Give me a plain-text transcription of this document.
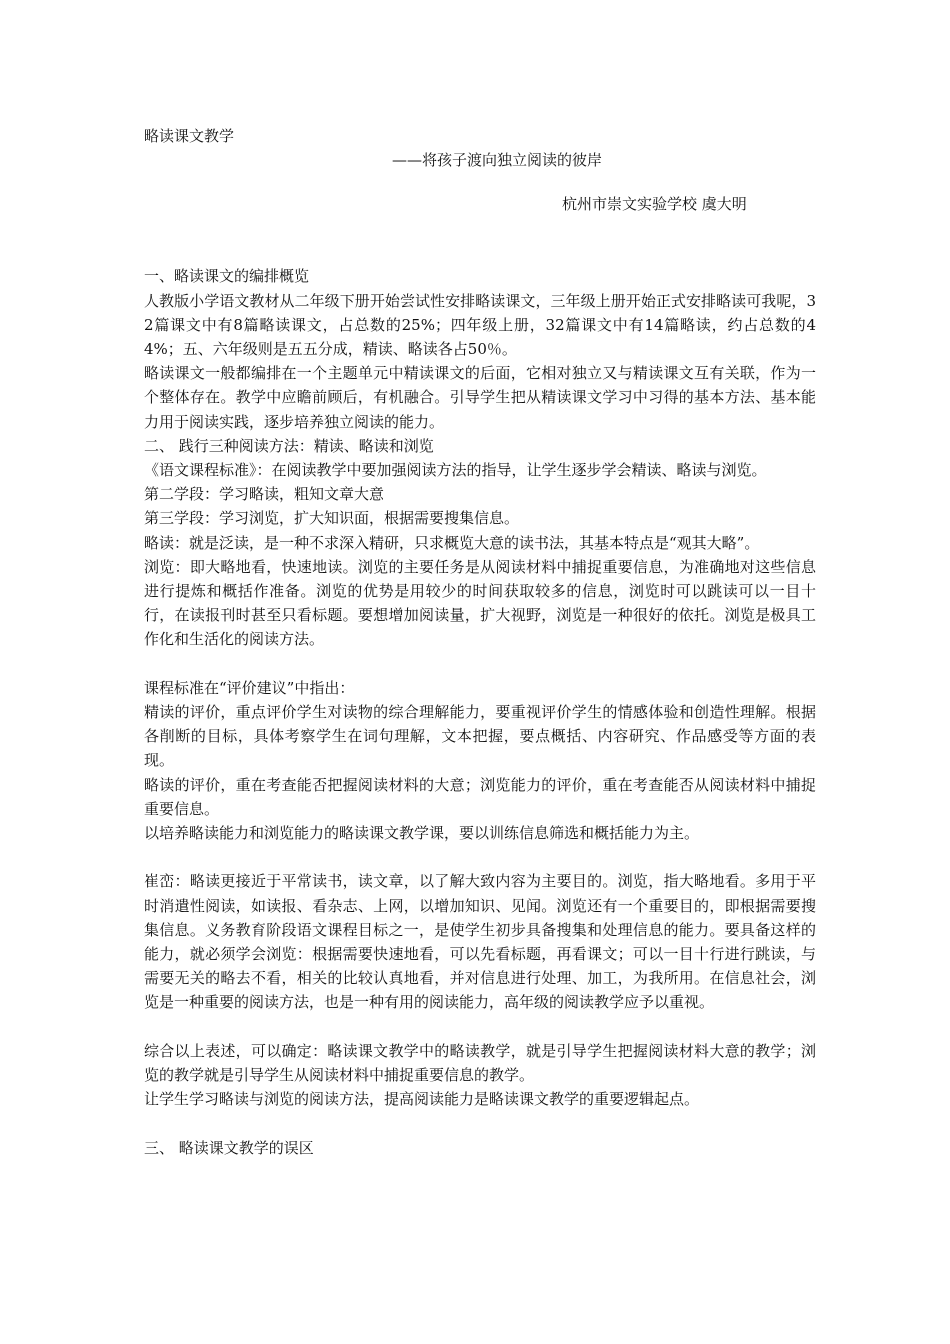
略读课文教学
——将孩子渡向独立阅读的彼岸
杭州市崇文实验学校 虞大明
一、略读课文的编排概览
人教版小学语文教材从二年级下册开始尝试性安排略读课文，三年级上册开始正式安排略读可我呢，32篇课文中有8篇略读课文，占总数的25%；四年级上册，32篇课文中有14篇略读，约占总数的44%；五、六年级则是五五分成，精读、略读各占50％。
略读课文一般都编排在一个主题单元中精读课文的后面，它相对独立又与精读课文互有关联，作为一个整体存在。教学中应瞻前顾后，有机融合。引导学生把从精读课文学习中习得的基本方法、基本能力用于阅读实践，逐步培养独立阅读的能力。
二、 践行三种阅读方法：精读、略读和浏览
《语文课程标准》：在阅读教学中要加强阅读方法的指导，让学生逐步学会精读、略读与浏览。
第二学段：学习略读，粗知文章大意
第三学段：学习浏览，扩大知识面，根据需要搜集信息。
略读：就是泛读，是一种不求深入精研，只求概览大意的读书法，其基本特点是“观其大略”。
浏览：即大略地看，快速地读。浏览的主要任务是从阅读材料中捕捉重要信息，为准确地对这些信息进行提炼和概括作准备。浏览的优势是用较少的时间获取较多的信息，浏览时可以跳读可以一目十行，在读报刊时甚至只看标题。要想增加阅读量，扩大视野，浏览是一种很好的依托。浏览是极具工作化和生活化的阅读方法。
课程标准在“评价建议”中指出：
精读的评价，重点评价学生对读物的综合理解能力，要重视评价学生的情感体验和创造性理解。根据各削断的目标，具体考察学生在词句理解，文本把握，要点概括、内容研究、作品感受等方面的表现。
略读的评价，重在考查能否把握阅读材料的大意；浏览能力的评价，重在考查能否从阅读材料中捕捉重要信息。
以培养略读能力和浏览能力的略读课文教学课，要以训练信息筛选和概括能力为主。
崔峦：略读更接近于平常读书，读文章，以了解大致内容为主要目的。浏览，指大略地看。多用于平时消遣性阅读，如读报、看杂志、上网，以增加知识、见闻。浏览还有一个重要目的，即根据需要搜集信息。义务教育阶段语文课程目标之一，是使学生初步具备搜集和处理信息的能力。要具备这样的能力，就必须学会浏览：根据需要快速地看，可以先看标题，再看课文；可以一目十行进行跳读，与需要无关的略去不看，相关的比较认真地看，并对信息进行处理、加工，为我所用。在信息社会，浏览是一种重要的阅读方法，也是一种有用的阅读能力，高年级的阅读教学应予以重视。
综合以上表述，可以确定：略读课文教学中的略读教学，就是引导学生把握阅读材料大意的教学；浏览的教学就是引导学生从阅读材料中捕捉重要信息的教学。
让学生学习略读与浏览的阅读方法，提高阅读能力是略读课文教学的重要逻辑起点。
三、 略读课文教学的误区
